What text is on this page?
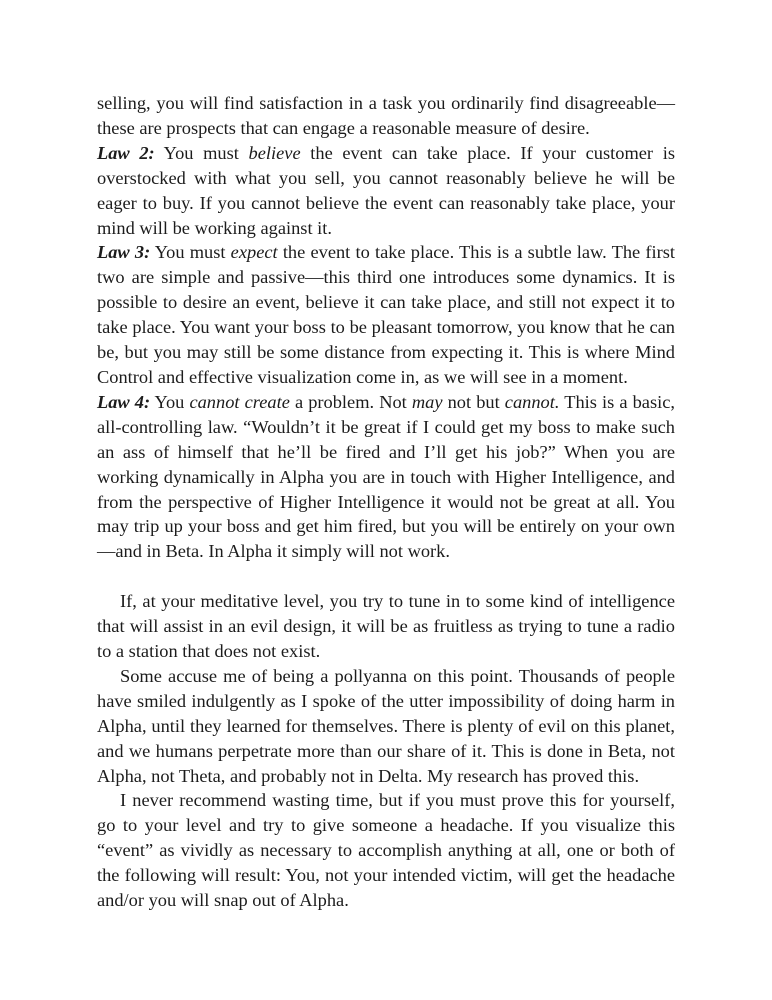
selling, you will find satisfaction in a task you ordinarily find disagreeable—these are prospects that can engage a reasonable measure of desire.

Law 2: You must believe the event can take place. If your customer is overstocked with what you sell, you cannot reasonably believe he will be eager to buy. If you cannot believe the event can reasonably take place, your mind will be working against it.

Law 3: You must expect the event to take place. This is a subtle law. The first two are simple and passive—this third one introduces some dynamics. It is possible to desire an event, believe it can take place, and still not expect it to take place. You want your boss to be pleasant tomorrow, you know that he can be, but you may still be some distance from expecting it. This is where Mind Control and effective visualization come in, as we will see in a moment.

Law 4: You cannot create a problem. Not may not but cannot. This is a basic, all-controlling law. “Wouldn’t it be great if I could get my boss to make such an ass of himself that he’ll be fired and I’ll get his job?” When you are working dynamically in Alpha you are in touch with Higher Intelligence, and from the perspective of Higher Intelligence it would not be great at all. You may trip up your boss and get him fired, but you will be entirely on your own—and in Beta. In Alpha it simply will not work.

If, at your meditative level, you try to tune in to some kind of intelligence that will assist in an evil design, it will be as fruitless as trying to tune a radio to a station that does not exist.

Some accuse me of being a pollyanna on this point. Thousands of people have smiled indulgently as I spoke of the utter impossibility of doing harm in Alpha, until they learned for themselves. There is plenty of evil on this planet, and we humans perpetrate more than our share of it. This is done in Beta, not Alpha, not Theta, and probably not in Delta. My research has proved this.

I never recommend wasting time, but if you must prove this for yourself, go to your level and try to give someone a headache. If you visualize this “event” as vividly as necessary to accomplish anything at all, one or both of the following will result: You, not your intended victim, will get the headache and/or you will snap out of Alpha.
